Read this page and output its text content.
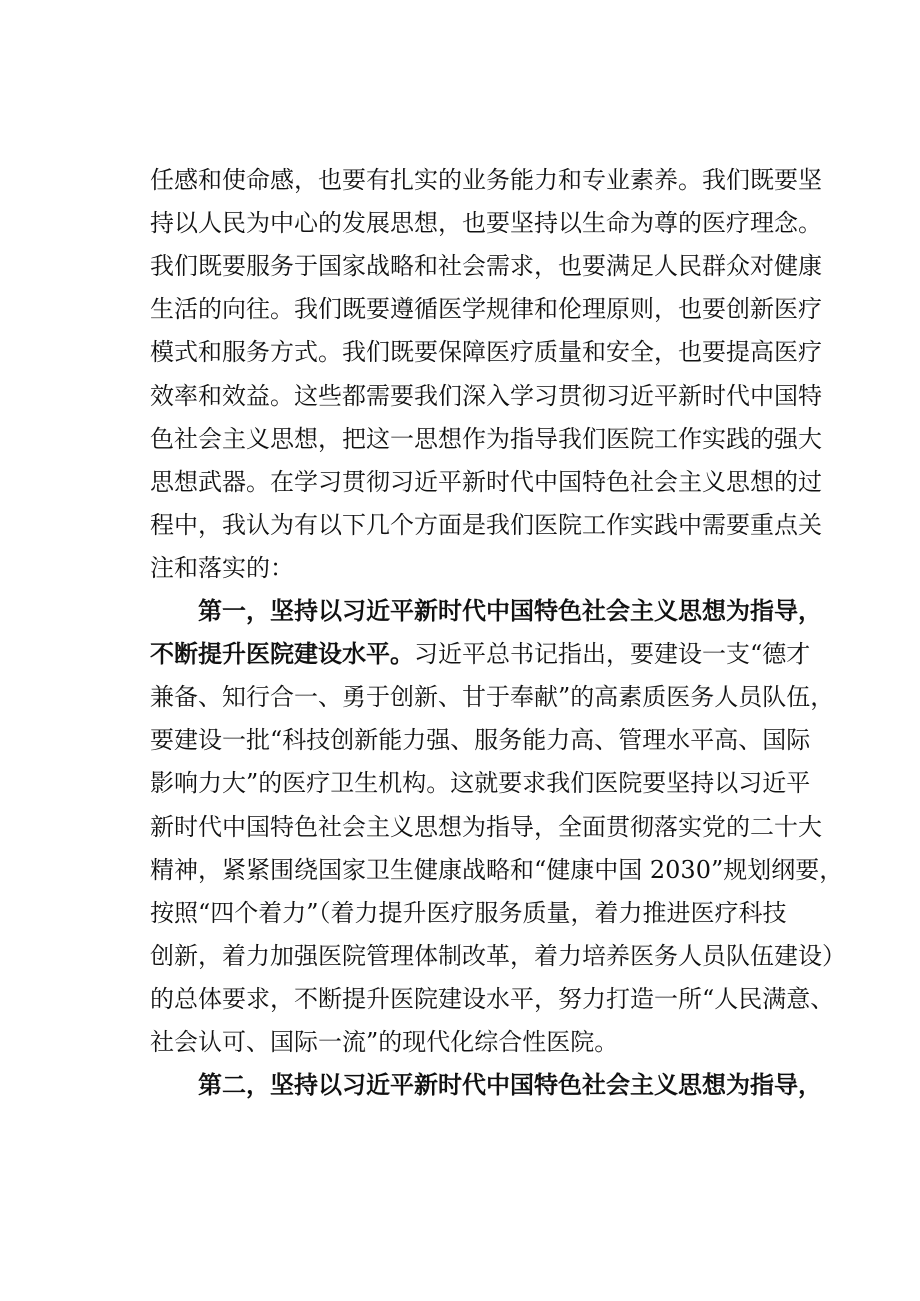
任感和使命感，也要有扎实的业务能力和专业素养。我们既要坚
持以人民为中心的发展思想，也要坚持以生命为尊的医疗理念。
我们既要服务于国家战略和社会需求，也要满足人民群众对健康
生活的向往。我们既要遵循医学规律和伦理原则，也要创新医疗
模式和服务方式。我们既要保障医疗质量和安全，也要提高医疗
效率和效益。这些都需要我们深入学习贯彻习近平新时代中国特
色社会主义思想，把这一思想作为指导我们医院工作实践的强大
思想武器。在学习贯彻习近平新时代中国特色社会主义思想的过
程中，我认为有以下几个方面是我们医院工作实践中需要重点关
注和落实的：
第一，坚持以习近平新时代中国特色社会主义思想为指导，
不断提升医院建设水平。习近平总书记指出，要建设一支“德才
兼备、知行合一、勇于创新、甘于奉献”的高素质医务人员队伍，
要建设一批“科技创新能力强、服务能力高、管理水平高、国际
影响力大”的医疗卫生机构。这就要求我们医院要坚持以习近平
新时代中国特色社会主义思想为指导，全面贯彻落实党的二十大
精神，紧紧围绕国家卫生健康战略和“健康中国 2030”规划纲要，
按照“四个着力”（着力提升医疗服务质量，着力推进医疗科技
创新，着力加强医院管理体制改革，着力培养医务人员队伍建设）
的总体要求，不断提升医院建设水平，努力打造一所“人民满意、
社会认可、国际一流”的现代化综合性医院。
第二，坚持以习近平新时代中国特色社会主义思想为指导，
